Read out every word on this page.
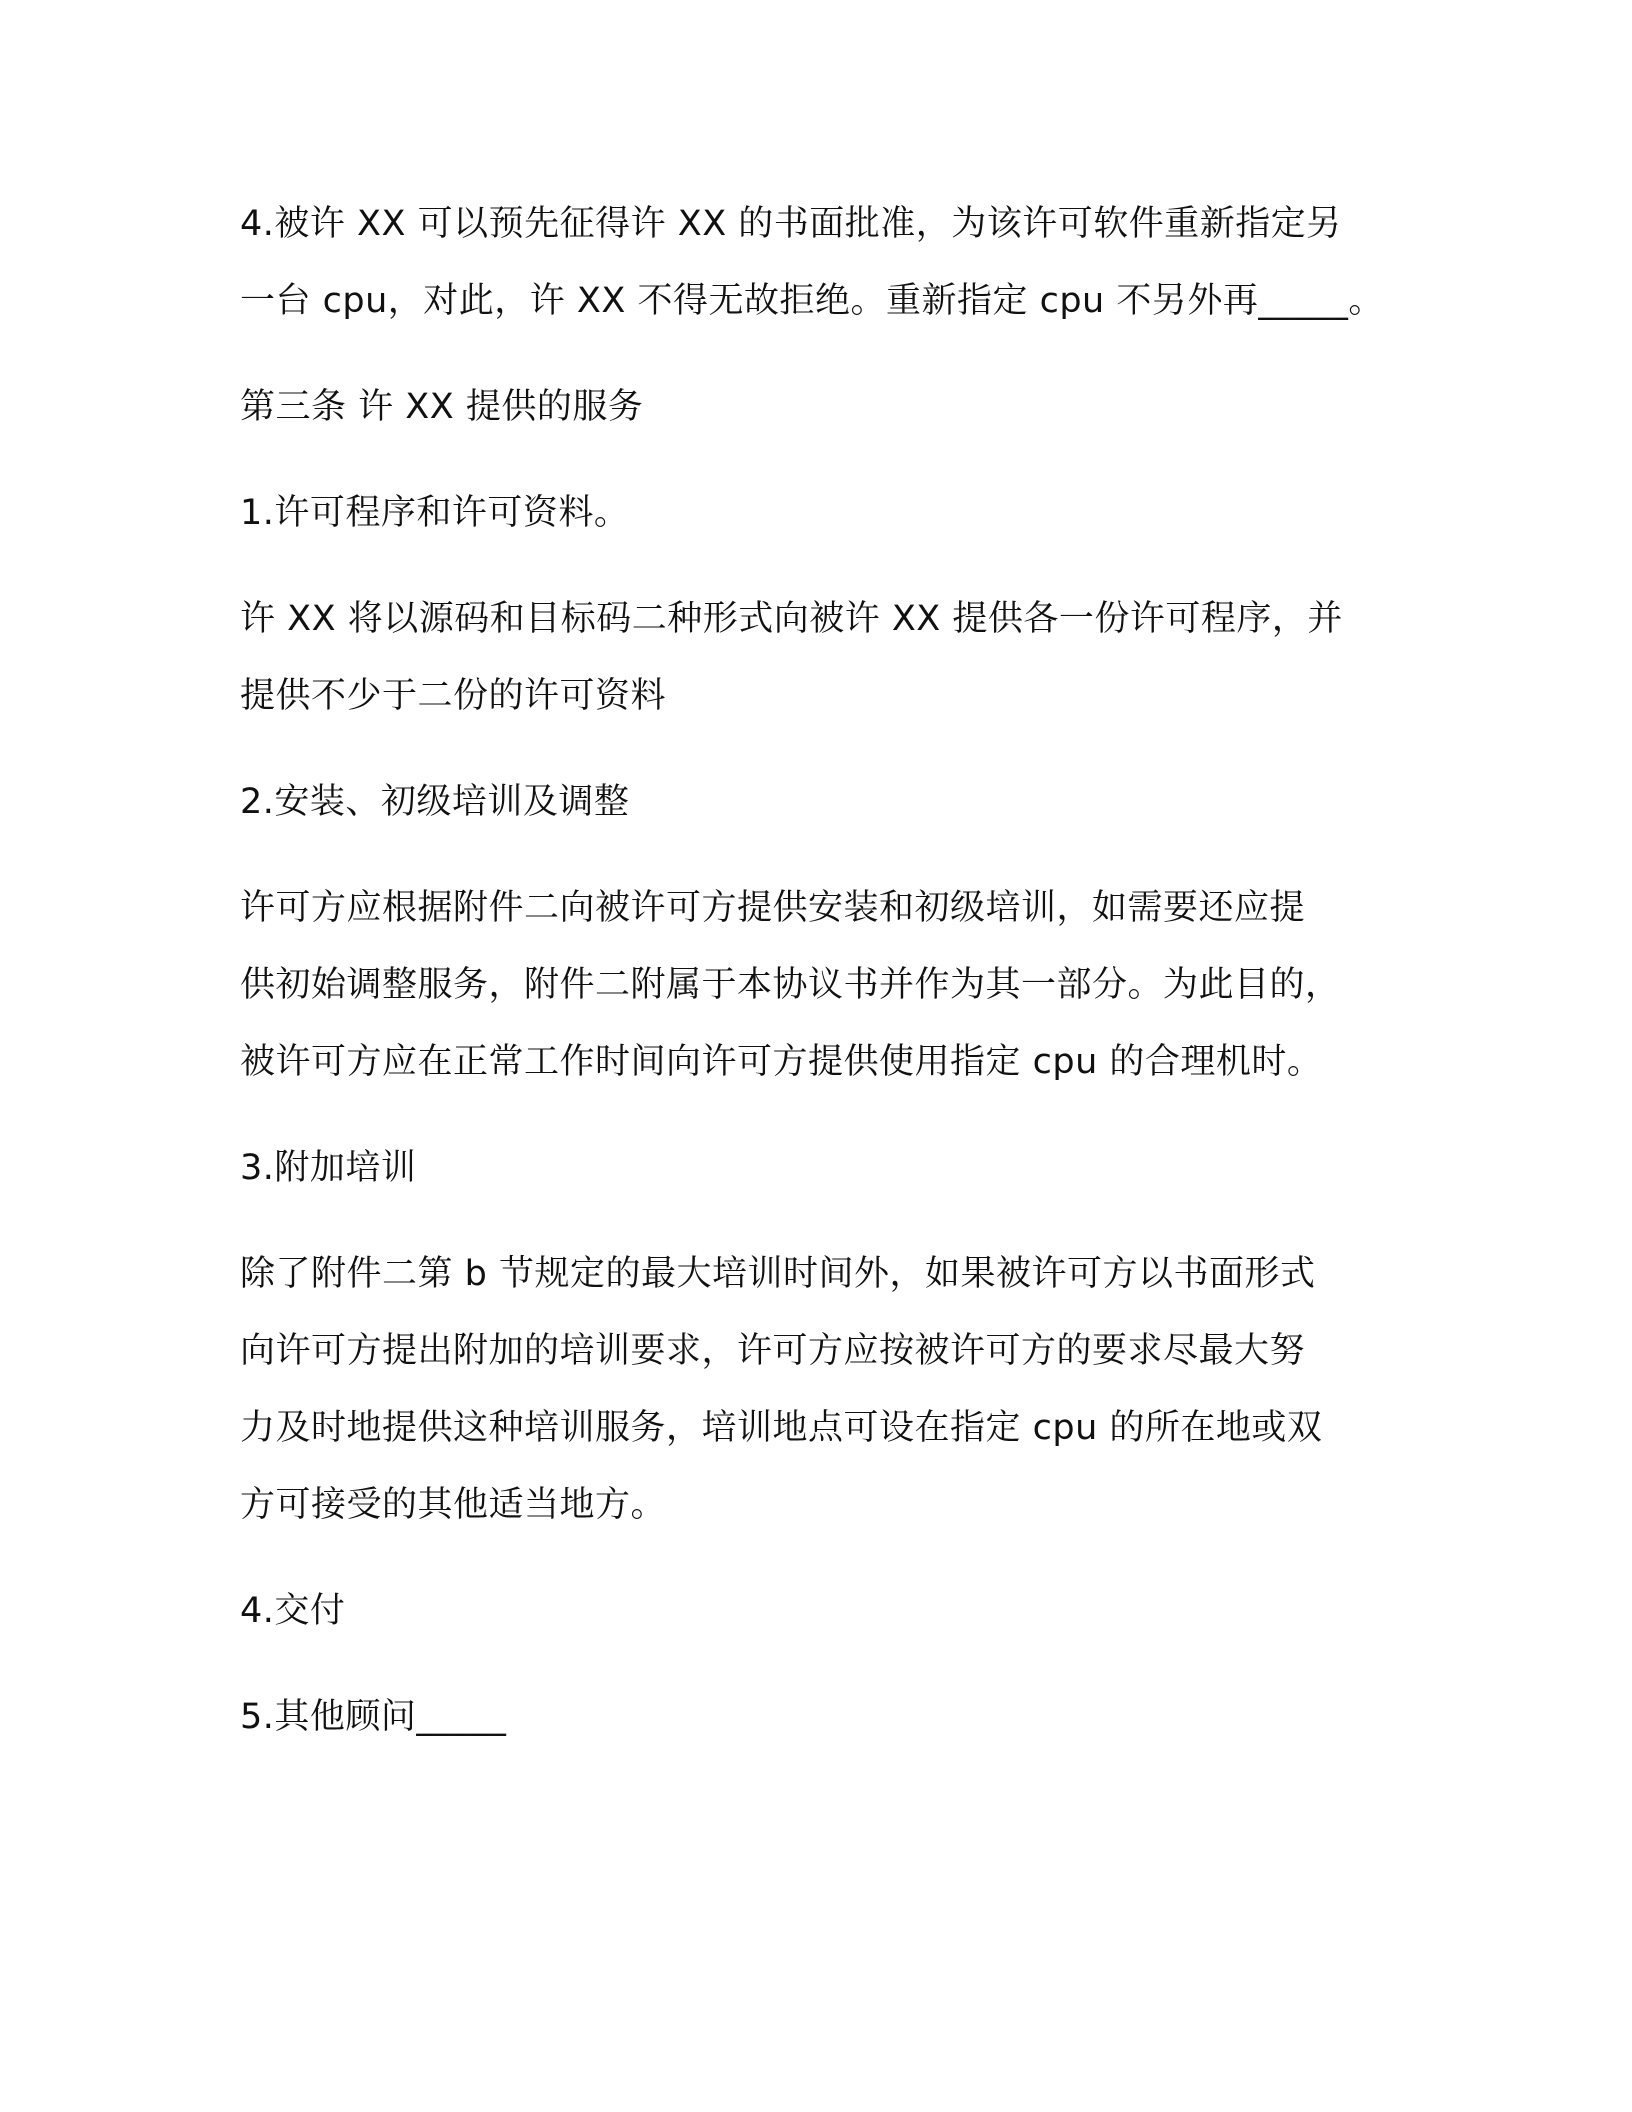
4.被许 XX 可以预先征得许 XX 的书面批准，为该许可软件重新指定另
一台 cpu，对此，许 XX 不得无故拒绝。重新指定 cpu 不另外再_____。
第三条 许 XX 提供的服务
1.许可程序和许可资料。
许 XX 将以源码和目标码二种形式向被许 XX 提供各一份许可程序，并
提供不少于二份的许可资料
2.安装、初级培训及调整
许可方应根据附件二向被许可方提供安装和初级培训，如需要还应提
供初始调整服务，附件二附属于本协议书并作为其一部分。为此目的，
被许可方应在正常工作时间向许可方提供使用指定 cpu 的合理机时。
3.附加培训
除了附件二第 b 节规定的最大培训时间外，如果被许可方以书面形式
向许可方提出附加的培训要求，许可方应按被许可方的要求尽最大努
力及时地提供这种培训服务，培训地点可设在指定 cpu 的所在地或双
方可接受的其他适当地方。
4.交付
5.其他顾问_____
